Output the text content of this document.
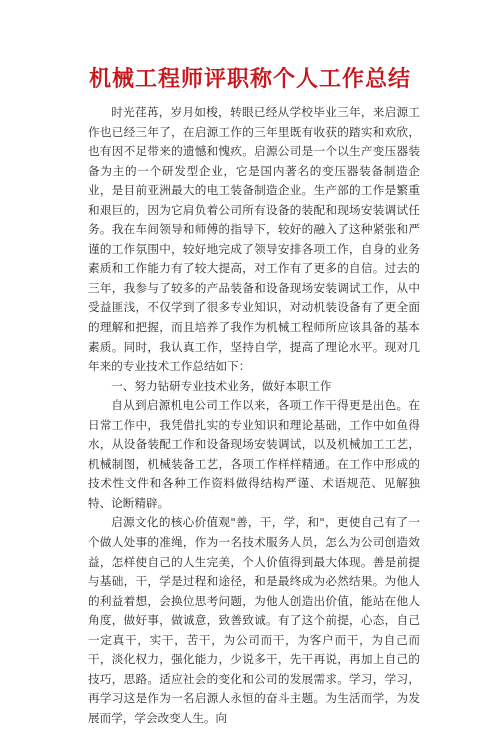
机械工程师评职称个人工作总结

时光荏苒，岁月如梭，转眼已经从学校毕业三年，来启源工作也已经三年了，在启源工作的三年里既有收获的踏实和欢欣，也有因不足带来的遗憾和愧疚。启源公司是一个以生产变压器装备为主的一个研发型企业，它是国内著名的变压器装备制造企业，是目前亚洲最大的电工装备制造企业。生产部的工作是繁重和艰巨的，因为它肩负着公司所有设备的装配和现场安装调试任务。我在车间领导和师傅的指导下，较好的融入了这种紧张和严谨的工作氛围中，较好地完成了领导安排各项工作，自身的业务素质和工作能力有了较大提高，对工作有了更多的自信。过去的三年，我参与了较多的产品装备和设备现场安装调试工作，从中受益匪浅，不仅学到了很多专业知识，对动机装设备有了更全面的理解和把握，而且培养了我作为机械工程师所应该具备的基本素质。同时，我认真工作，坚持自学，提高了理论水平。现对几年来的专业技术工作总结如下：

一、努力钻研专业技术业务，做好本职工作

自从到启源机电公司工作以来，各项工作干得更是出色。在日常工作中，我凭借扎实的专业知识和理论基础，工作中如鱼得水，从设备装配工作和设备现场安装调试，以及机械加工工艺，机械制图，机械装备工艺，各项工作样样精通。在工作中形成的技术性文件和各种工作资料做得结构严谨、术语规范、见解独特、论断精辟。

启源文化的核心价值观"善，干，学，和"，更使自己有了一个做人处事的准绳，作为一名技术服务人员，怎么为公司创造效益，怎样使自己的人生完美，个人价值得到最大体现。善是前提与基础，干，学是过程和途径，和是最终成为必然结果。为他人的利益着想，会换位思考问题，为他人创造出价值，能站在他人角度，做好事，做诚意，致善致诚。有了这个前提，心态，自己一定真干，实干，苦干，为公司而干，为客户而干，为自己而干，淡化权力，强化能力，少说多干，先干再说，再加上自己的技巧，思路。适应社会的变化和公司的发展需求。学习，学习，再学习这是作为一名启源人永恒的奋斗主题。为生活而学，为发展而学，学会改变人生。向
